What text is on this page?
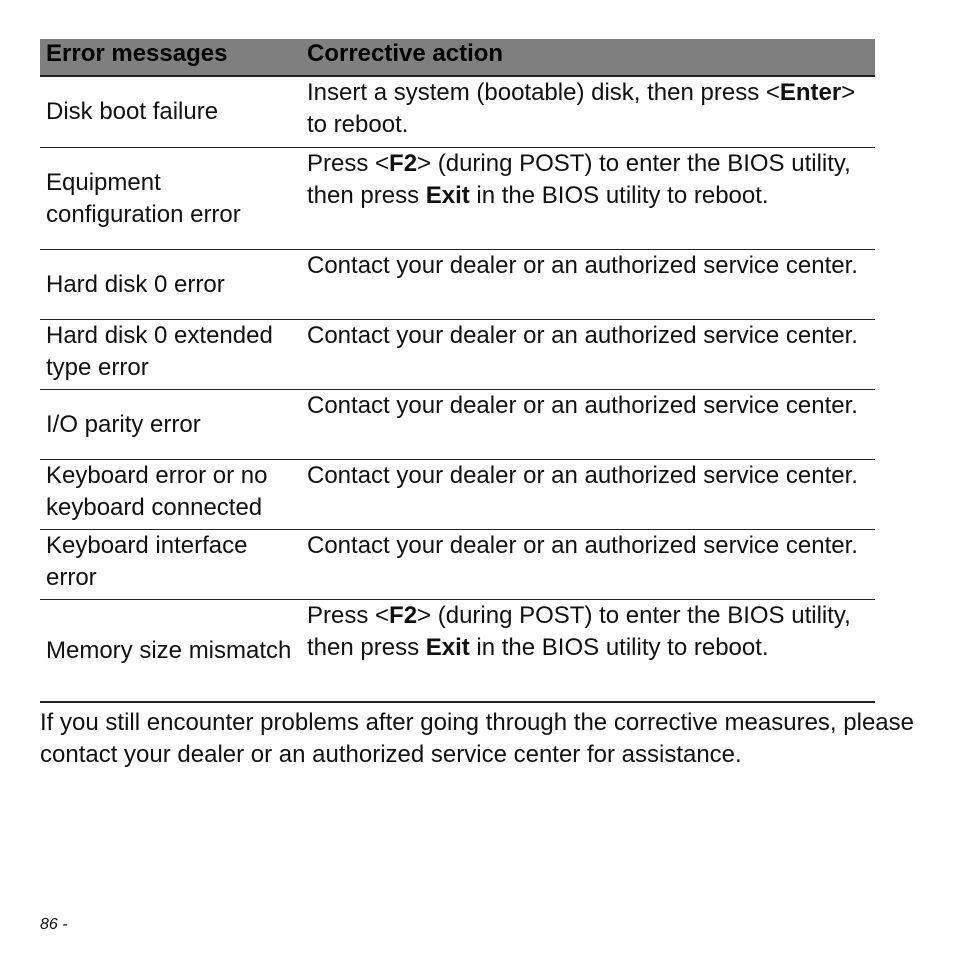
Error messages	Corrective action
Disk boot failure
Insert a system (bootable) disk, then press <Enter> to reboot.
Equipment configuration error
Press <F2> (during POST) to enter the BIOS utility, then press Exit in the BIOS utility to reboot.
Hard disk 0 error
Contact your dealer or an authorized service center.
Hard disk 0 extended type error
Contact your dealer or an authorized service center.
I/O parity error
Contact your dealer or an authorized service center.
Keyboard error or no keyboard connected
Contact your dealer or an authorized service center.
Keyboard interface error
Contact your dealer or an authorized service center.
Memory size mismatch
Press <F2> (during POST) to enter the BIOS utility, then press Exit in the BIOS utility to reboot.

If you still encounter problems after going through the corrective measures, please contact your dealer or an authorized service center for assistance.

86 -
